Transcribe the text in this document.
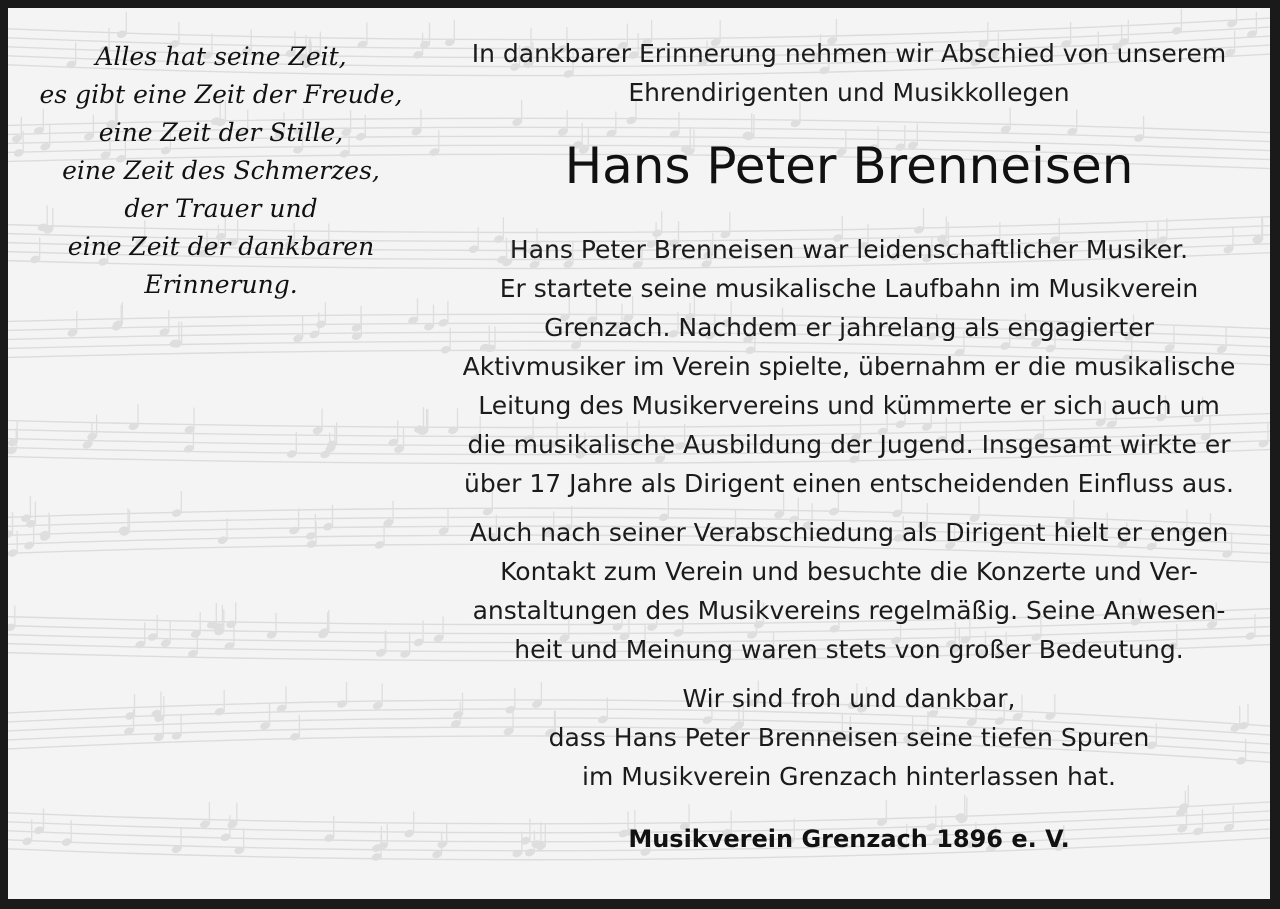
Alles hat seine Zeit,
es gibt eine Zeit der Freude,
eine Zeit der Stille,
eine Zeit des Schmerzes,
der Trauer und
eine Zeit der dankbaren
Erinnerung.
In dankbarer Erinnerung nehmen wir Abschied von unserem
Ehrendirigenten und Musikkollegen
Hans Peter Brenneisen
Hans Peter Brenneisen war leidenschaftlicher Musiker.
Er startete seine musikalische Laufbahn im Musikverein
Grenzach. Nachdem er jahrelang als engagierter
Aktivmusiker im Verein spielte, übernahm er die musikalische
Leitung des Musikervereins und kümmerte er sich auch um
die musikalische Ausbildung der Jugend. Insgesamt wirkte er
über 17 Jahre als Dirigent einen entscheidenden Einfluss aus.
Auch nach seiner Verabschiedung als Dirigent hielt er engen
Kontakt zum Verein und besuchte die Konzerte und Ver-
anstaltungen des Musikvereins regelmäßig. Seine Anwesen-
heit und Meinung waren stets von großer Bedeutung.
Wir sind froh und dankbar,
dass Hans Peter Brenneisen seine tiefen Spuren
im Musikverein Grenzach hinterlassen hat.
Musikverein Grenzach 1896 e. V.
